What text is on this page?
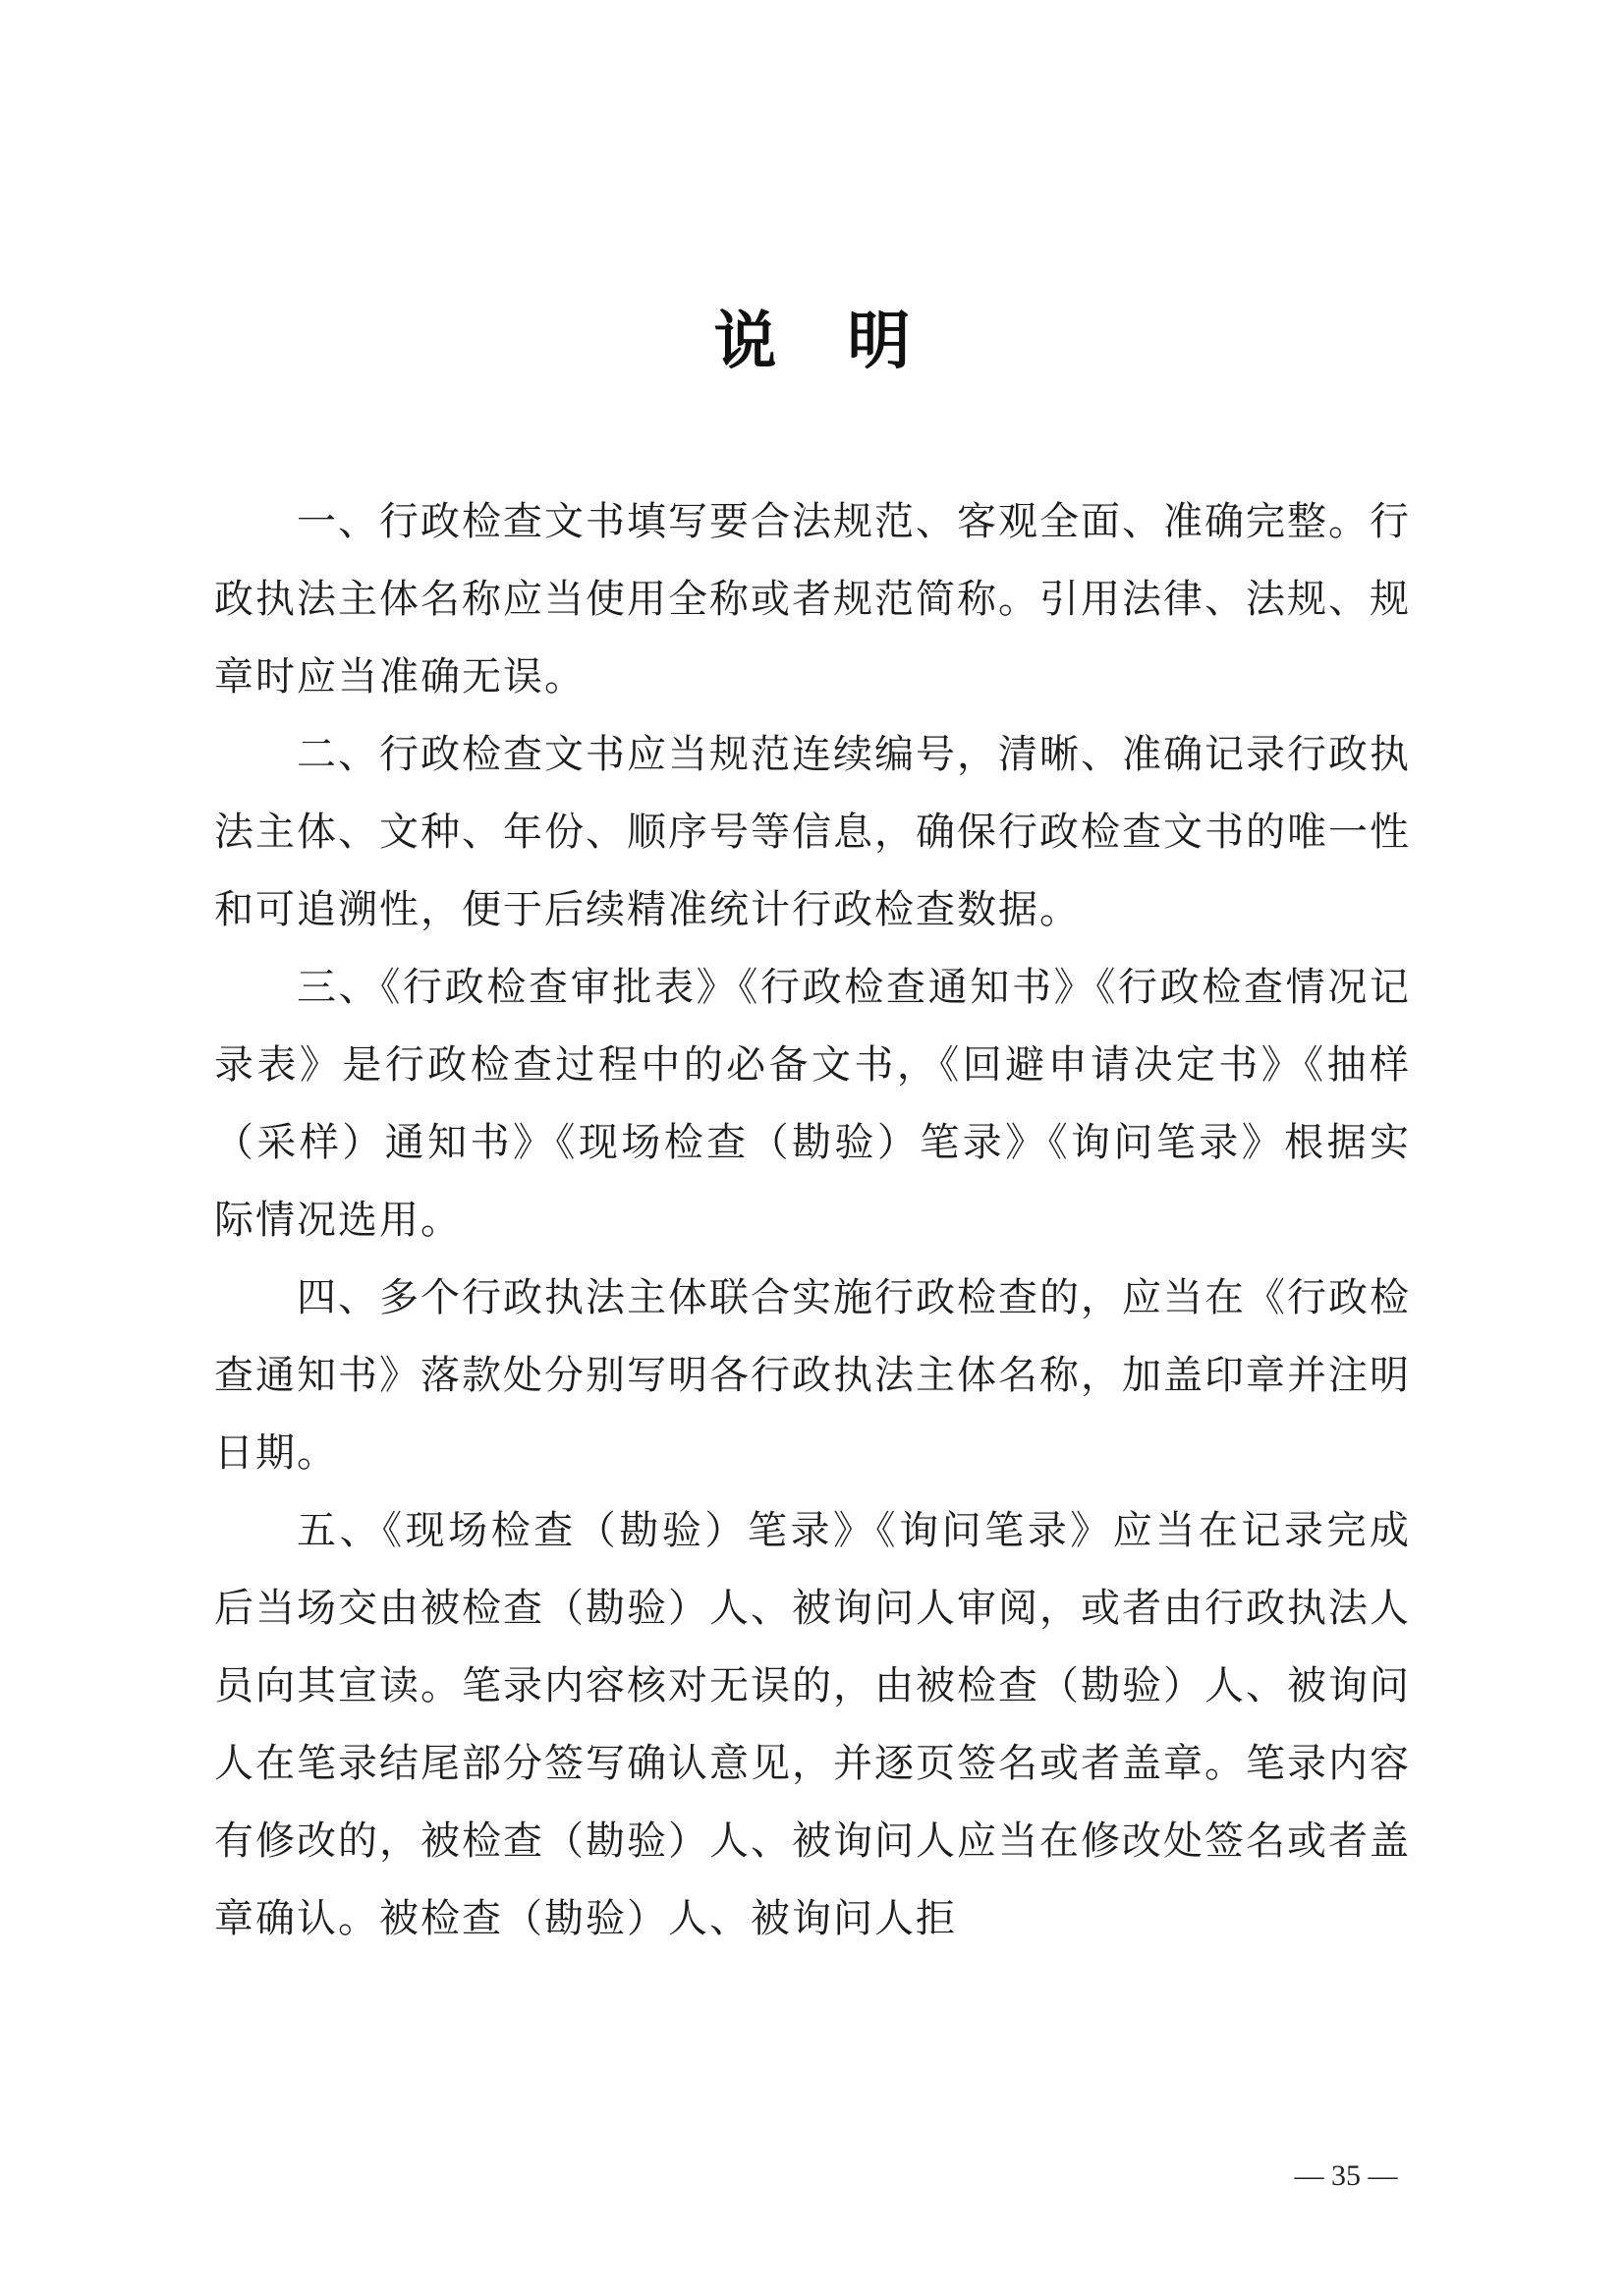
说明

一、行政检查文书填写要合法规范、客观全面、准确完整。行政执法主体名称应当使用全称或者规范简称。引用法律、法规、规章时应当准确无误。

二、行政检查文书应当规范连续编号，清晰、准确记录行政执法主体、文种、年份、顺序号等信息，确保行政检查文书的唯一性和可追溯性，便于后续精准统计行政检查数据。

三、《行政检查审批表》《行政检查通知书》《行政检查情况记录表》是行政检查过程中的必备文书，《回避申请决定书》《抽样（采样）通知书》《现场检查（勘验）笔录》《询问笔录》根据实际情况选用。

四、多个行政执法主体联合实施行政检查的，应当在《行政检查通知书》落款处分别写明各行政执法主体名称，加盖印章并注明日期。

五、《现场检查（勘验）笔录》《询问笔录》应当在记录完成后当场交由被检查（勘验）人、被询问人审阅，或者由行政执法人员向其宣读。笔录内容核对无误的，由被检查（勘验）人、被询问人在笔录结尾部分签写确认意见，并逐页签名或者盖章。笔录内容有修改的，被检查（勘验）人、被询问人应当在修改处签名或者盖章确认。被检查（勘验）人、被询问人拒

— 35 —
